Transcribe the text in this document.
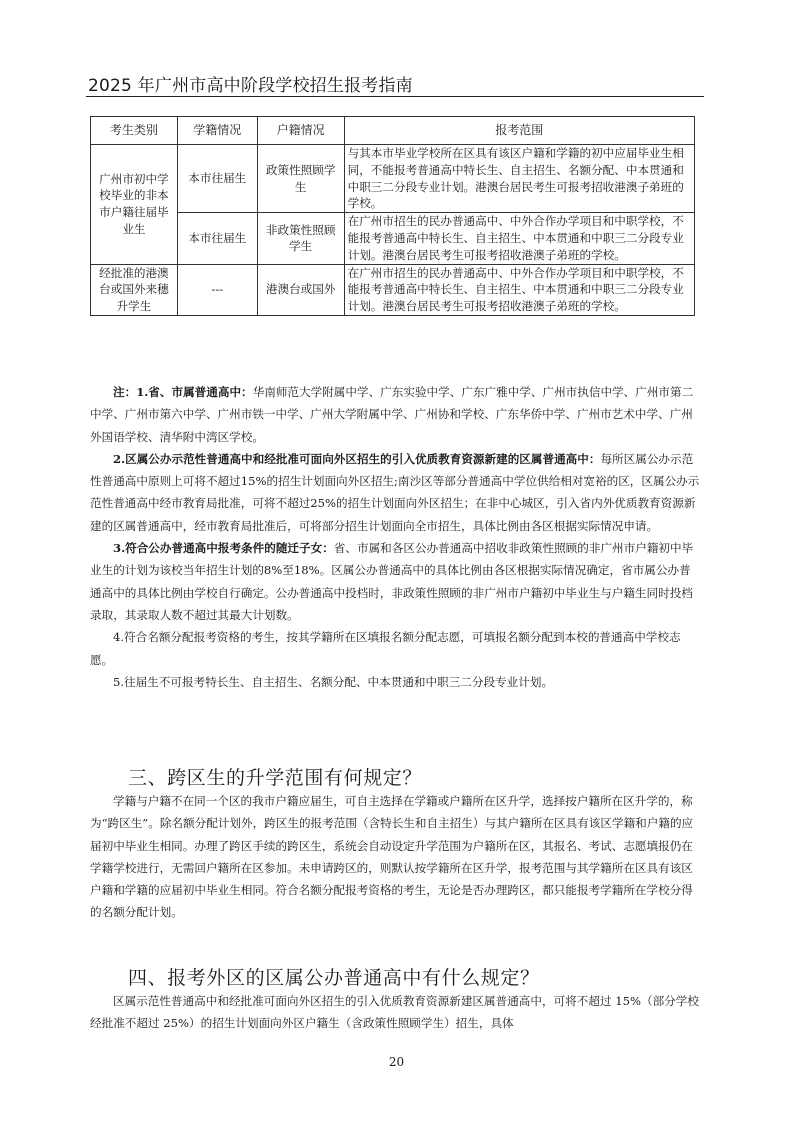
2025 年广州市高中阶段学校招生报考指南
考生类别	学籍情况	户籍情况	报考范围
广州市初中学校毕业的非本市户籍往届毕业生	本市往届生	政策性照顾学生	与其本市毕业学校所在区具有该区户籍和学籍的初中应届毕业生相同，不能报考普通高中特长生、自主招生、名额分配、中本贯通和中职三二分段专业计划。港澳台居民考生可报考招收港澳子弟班的学校。
	本市往届生	非政策性照顾学生	在广州市招生的民办普通高中、中外合作办学项目和中职学校，不能报考普通高中特长生、自主招生、中本贯通和中职三二分段专业计划。港澳台居民考生可报考招收港澳子弟班的学校。
经批准的港澳台或国外来穗升学生	---	港澳台或国外	在广州市招生的民办普通高中、中外合作办学项目和中职学校，不能报考普通高中特长生、自主招生、中本贯通和中职三二分段专业计划。港澳台居民考生可报考招收港澳子弟班的学校。

注：1.省、市属普通高中：华南师范大学附属中学、广东实验中学、广东广雅中学、广州市执信中学、广州市第二中学、广州市第六中学、广州市铁一中学、广州大学附属中学、广州协和学校、广东华侨中学、广州市艺术中学、广州外国语学校、清华附中湾区学校。

2.区属公办示范性普通高中和经批准可面向外区招生的引入优质教育资源新建的区属普通高中：每所区属公办示范性普通高中原则上可将不超过15%的招生计划面向外区招生;南沙区等部分普通高中学位供给相对宽裕的区，区属公办示范性普通高中经市教育局批准，可将不超过25%的招生计划面向外区招生；在非中心城区，引入省内外优质教育资源新建的区属普通高中，经市教育局批准后，可将部分招生计划面向全市招生，具体比例由各区根据实际情况申请。

3.符合公办普通高中报考条件的随迁子女：省、市属和各区公办普通高中招收非政策性照顾的非广州市户籍初中毕业生的计划为该校当年招生计划的8%至18%。区属公办普通高中的具体比例由各区根据实际情况确定，省市属公办普通高中的具体比例由学校自行确定。公办普通高中投档时，非政策性照顾的非广州市户籍初中毕业生与户籍生同时投档录取，其录取人数不超过其最大计划数。

4.符合名额分配报考资格的考生，按其学籍所在区填报名额分配志愿，可填报名额分配到本校的普通高中学校志愿。

5.往届生不可报考特长生、自主招生、名额分配、中本贯通和中职三二分段专业计划。

三、跨区生的升学范围有何规定？

学籍与户籍不在同一个区的我市户籍应届生，可自主选择在学籍或户籍所在区升学，选择按户籍所在区升学的，称为“跨区生”。除名额分配计划外，跨区生的报考范围（含特长生和自主招生）与其户籍所在区具有该区学籍和户籍的应届初中毕业生相同。办理了跨区手续的跨区生，系统会自动设定升学范围为户籍所在区，其报名、考试、志愿填报仍在学籍学校进行，无需回户籍所在区参加。未申请跨区的，则默认按学籍所在区升学，报考范围与其学籍所在区具有该区户籍和学籍的应届初中毕业生相同。符合名额分配报考资格的考生，无论是否办理跨区，都只能报考学籍所在学校分得的名额分配计划。

四、报考外区的区属公办普通高中有什么规定？

区属示范性普通高中和经批准可面向外区招生的引入优质教育资源新建区属普通高中，可将不超过 15%（部分学校经批准不超过 25%）的招生计划面向外区户籍生（含政策性照顾学生）招生，具体

20
